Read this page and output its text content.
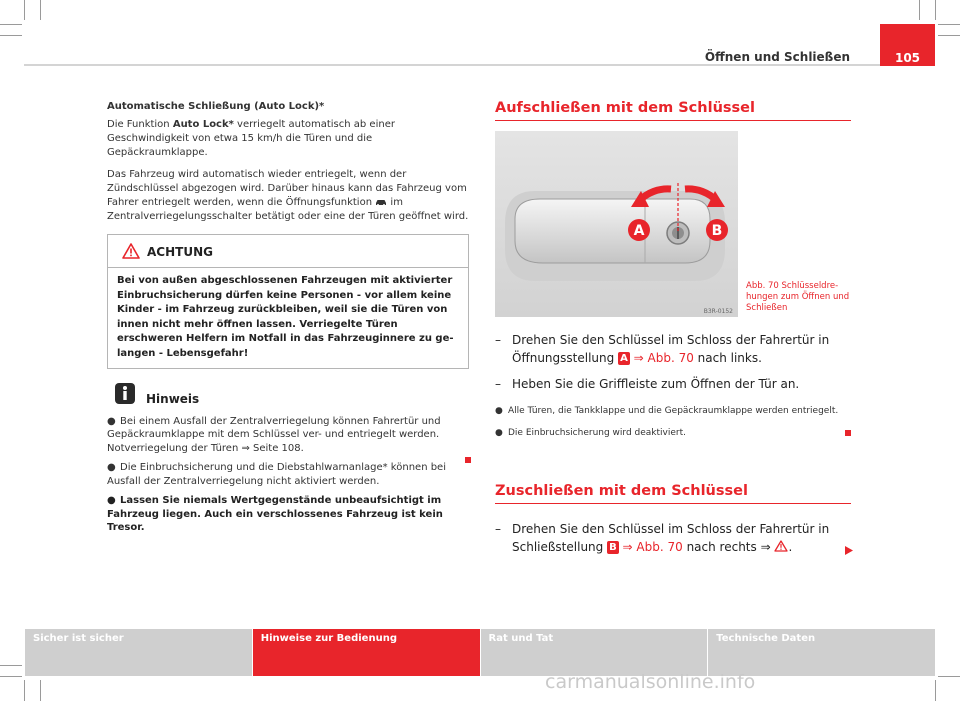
Öffnen und Schließen	105

Automatische Schließung (Auto Lock)*

Die Funktion Auto Lock* verriegelt automatisch ab einer Geschwindigkeit von etwa 15 km/h die Türen und die Gepäckraumklappe.

Das Fahrzeug wird automatisch wieder entriegelt, wenn der Zündschlüssel abgezogen wird. Darüber hinaus kann das Fahrzeug vom Fahrer entriegelt werden, wenn die Öffnungsfunktion  im Zentralverriegelungsschalter betätigt oder eine der Türen geöffnet wird.

ACHTUNG
Bei von außen abgeschlossenen Fahrzeugen mit aktivierter Einbruchsicherung dürfen keine Personen - vor allem keine Kinder - im Fahrzeug zurückbleiben, weil sie die Türen von innen nicht mehr öffnen lassen. Verriegelte Türen erschweren Helfern im Notfall in das Fahrzeuginnere zu gelangen - Lebensgefahr!
Hinweis
● Bei einem Ausfall der Zentralverriegelung können Fahrertür und Gepäckraumklappe mit dem Schlüssel ver- und entriegelt werden. Notverriegelung der Türen ⇒ Seite 108.
● Die Einbruchsicherung und die Diebstahlwarnanlage* können bei Ausfall der Zentralverriegelung nicht aktiviert werden.
● Lassen Sie niemals Wertgegenstände unbeaufsichtigt im Fahrzeug liegen. Auch ein verschlossenes Fahrzeug ist kein Tresor.
Aufschließen mit dem Schlüssel
A	B
B3R-0152
Abb. 70 Schlüsseldrehungen zum Öffnen und Schließen
– Drehen Sie den Schlüssel im Schloss der Fahrertür in Öffnungsstellung A ⇒ Abb. 70 nach links.
– Heben Sie die Griffleiste zum Öffnen der Tür an.
● Alle Türen, die Tankklappe und die Gepäckraumklappe werden entriegelt.
● Die Einbruchsicherung wird deaktiviert.
Zuschließen mit dem Schlüssel
– Drehen Sie den Schlüssel im Schloss der Fahrertür in Schließstellung B ⇒ Abb. 70 nach rechts ⇒ .
Sicher ist sicher	Hinweise zur Bedienung	Rat und Tat	Technische Daten
carmanualsonline.info
